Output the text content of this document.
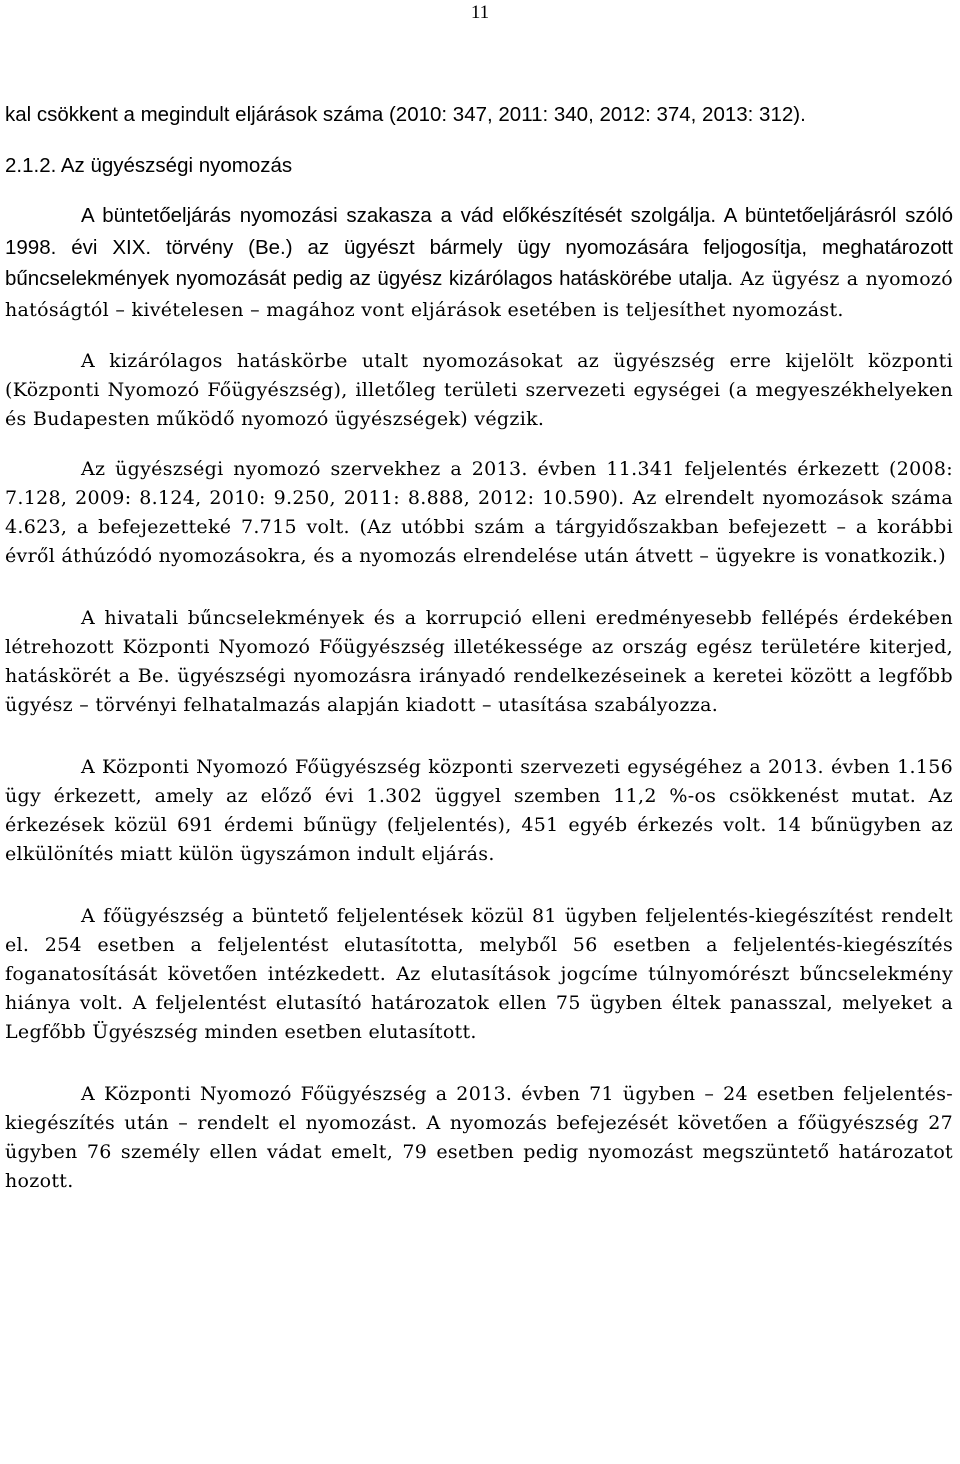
11

kal csökkent a megindult eljárások száma (2010: 347, 2011: 340, 2012: 374, 2013: 312).

2.1.2. Az ügyészségi nyomozás

A büntetőeljárás nyomozási szakasza a vád előkészítését szolgálja. A büntetőeljárásról szóló 1998. évi XIX. törvény (Be.) az ügyészt bármely ügy nyomozására feljogosítja, meghatározott bűncselekmények nyomozását pedig az ügyész kizárólagos hatáskörébe utalja. Az ügyész a nyomozó hatóságtól – kivételesen – magához vont eljárások esetében is teljesíthet nyomozást.

A kizárólagos hatáskörbe utalt nyomozásokat az ügyészség erre kijelölt központi (Központi Nyomozó Főügyészség), illetőleg területi szervezeti egységei (a megyeszékhelyeken és Budapesten működő nyomozó ügyészségek) végzik.

Az ügyészségi nyomozó szervekhez a 2013. évben 11.341 feljelentés érkezett (2008: 7.128, 2009: 8.124, 2010: 9.250, 2011: 8.888, 2012: 10.590). Az elrendelt nyomozások száma 4.623, a befejezetteké 7.715 volt. (Az utóbbi szám a tárgyidőszakban befejezett – a korábbi évről áthúzódó nyomozásokra, és a nyomozás elrendelése után átvett – ügyekre is vonatkozik.)

A hivatali bűncselekmények és a korrupció elleni eredményesebb fellépés érdekében létrehozott Központi Nyomozó Főügyészség illetékessége az ország egész területére kiterjed, hatáskörét a Be. ügyészségi nyomozásra irányadó rendelkezéseinek a keretei között a legfőbb ügyész – törvényi felhatalmazás alapján kiadott – utasítása szabályozza.

A Központi Nyomozó Főügyészség központi szervezeti egységéhez a 2013. évben 1.156 ügy érkezett, amely az előző évi 1.302 üggyel szemben 11,2 %-os csökkenést mutat. Az érkezések közül 691 érdemi bűnügy (feljelentés), 451 egyéb érkezés volt. 14 bűnügyben az elkülönítés miatt külön ügyszámon indult eljárás.

A főügyészség a büntető feljelentések közül 81 ügyben feljelentés-kiegészítést rendelt el. 254 esetben a feljelentést elutasította, melyből 56 esetben a feljelentés-kiegészítés foganatosítását követően intézkedett. Az elutasítások jogcíme túlnyomórészt bűncselekmény hiánya volt. A feljelentést elutasító határozatok ellen 75 ügyben éltek panasszal, melyeket a Legfőbb Ügyészség minden esetben elutasított.

A Központi Nyomozó Főügyészség a 2013. évben 71 ügyben – 24 esetben feljelentés-kiegészítés után – rendelt el nyomozást. A nyomozás befejezését követően a főügyészség 27 ügyben 76 személy ellen vádat emelt, 79 esetben pedig nyomozást megszüntető határozatot hozott.
